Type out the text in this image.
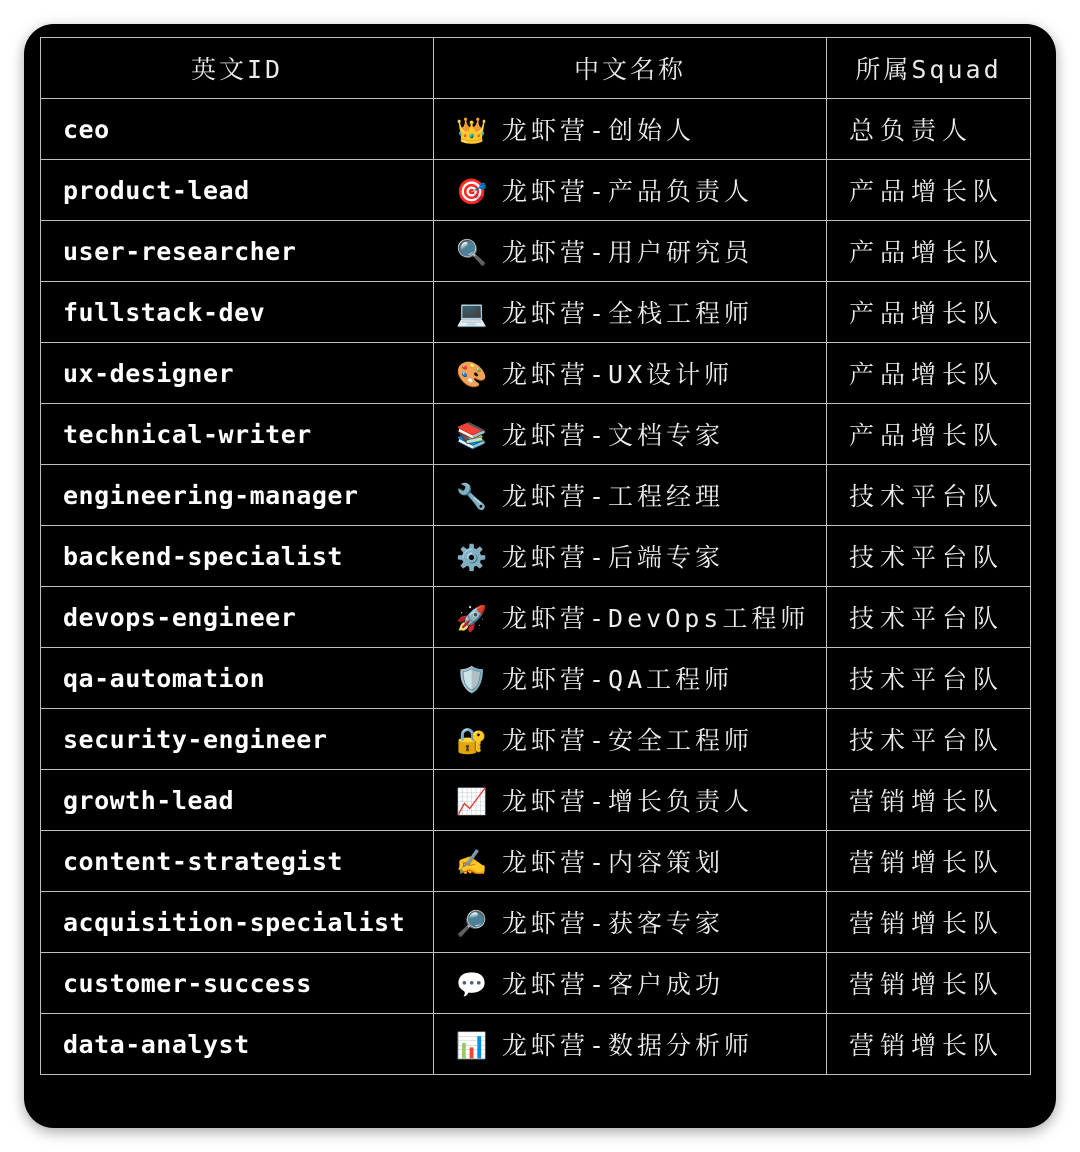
英文ID	中文名称	所属Squad
ceo	👑 龙虾营-创始人	总负责人
product-lead	🎯 龙虾营-产品负责人	产品增长队
user-researcher	🔍 龙虾营-用户研究员	产品增长队
fullstack-dev	💻 龙虾营-全栈工程师	产品增长队
ux-designer	🎨 龙虾营-UX设计师	产品增长队
technical-writer	📚 龙虾营-文档专家	产品增长队
engineering-manager	🔧 龙虾营-工程经理	技术平台队
backend-specialist	⚙️ 龙虾营-后端专家	技术平台队
devops-engineer	🚀 龙虾营-DevOps工程师	技术平台队
qa-automation	🛡️ 龙虾营-QA工程师	技术平台队
security-engineer	🔐 龙虾营-安全工程师	技术平台队
growth-lead	📈 龙虾营-增长负责人	营销增长队
content-strategist	✍️ 龙虾营-内容策划	营销增长队
acquisition-specialist	🔎 龙虾营-获客专家	营销增长队
customer-success	💬 龙虾营-客户成功	营销增长队
data-analyst	📊 龙虾营-数据分析师	营销增长队
